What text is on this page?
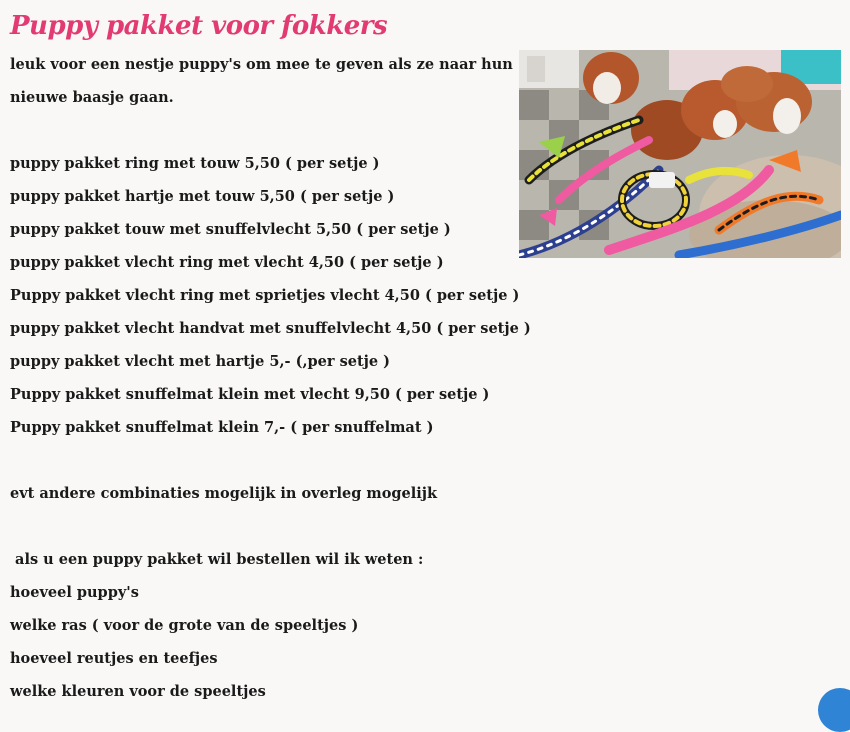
Puppy pakket voor fokkers
leuk voor een nestje puppy's om mee te geven als ze naar hun
nieuwe baasje gaan.
puppy pakket ring met touw 5,50 ( per setje )
puppy pakket hartje met touw 5,50 ( per setje )
puppy pakket touw met snuffelvlecht 5,50 ( per setje )
puppy pakket vlecht ring met vlecht 4,50 ( per setje )
Puppy pakket vlecht ring met sprietjes vlecht 4,50 ( per setje )
puppy pakket vlecht handvat met snuffelvlecht 4,50 ( per setje )
puppy pakket vlecht met hartje 5,- (,per setje )
Puppy pakket snuffelmat klein met vlecht 9,50 ( per setje )
Puppy pakket snuffelmat klein 7,- ( per snuffelmat )
evt andere combinaties mogelijk in overleg mogelijk
als u een puppy pakket wil bestellen wil ik weten :
hoeveel puppy's
welke ras ( voor de grote van de speeltjes )
hoeveel reutjes en teefjes
welke kleuren voor de speeltjes
